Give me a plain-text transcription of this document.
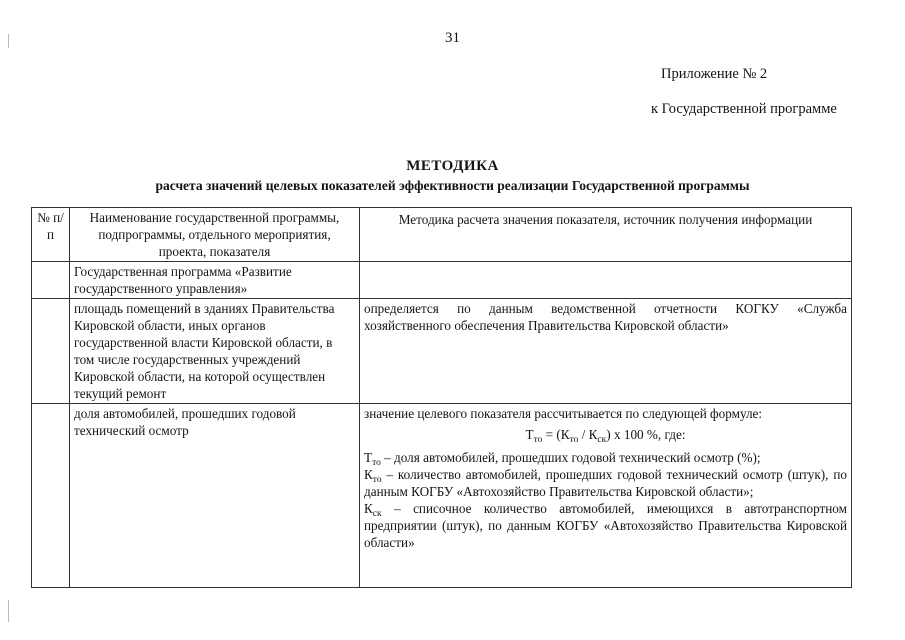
31
Приложение № 2
к Государственной программе
МЕТОДИКА
расчета значений целевых показателей эффективности реализации Государственной программы
№ п/п	Наименование государственной программы, подпрограммы, отдельного мероприятия, проекта, показателя	Методика расчета значения показателя, источник получения информации
	Государственная программа «Развитие государственного управления»	
	площадь помещений в зданиях Правительства Кировской области, иных органов государственной власти Кировской области, в том числе государственных учреждений Кировской области, на которой осуществлен текущий ремонт	определяется по данным ведомственной отчетности КОГКУ «Служба хозяйственного обеспечения Правительства Кировской области»
	доля автомобилей, прошедших годовой технический осмотр	значение целевого показателя рассчитывается по следующей формуле:
$Т_{то} = (К_{то} / К_{ск})$ х 100 %, где:
$Т_{то}$ – доля автомобилей, прошедших годовой технический осмотр (%);
$К_{то}$ – количество автомобилей, прошедших годовой технический осмотр (штук), по данным КОГБУ «Автохозяйство Правительства Кировской области»;
$К_{ск}$ – списочное количество автомобилей, имеющихся в автотранспортном предприятии (штук), по данным КОГБУ «Автохозяйство Правительства Кировской области»
